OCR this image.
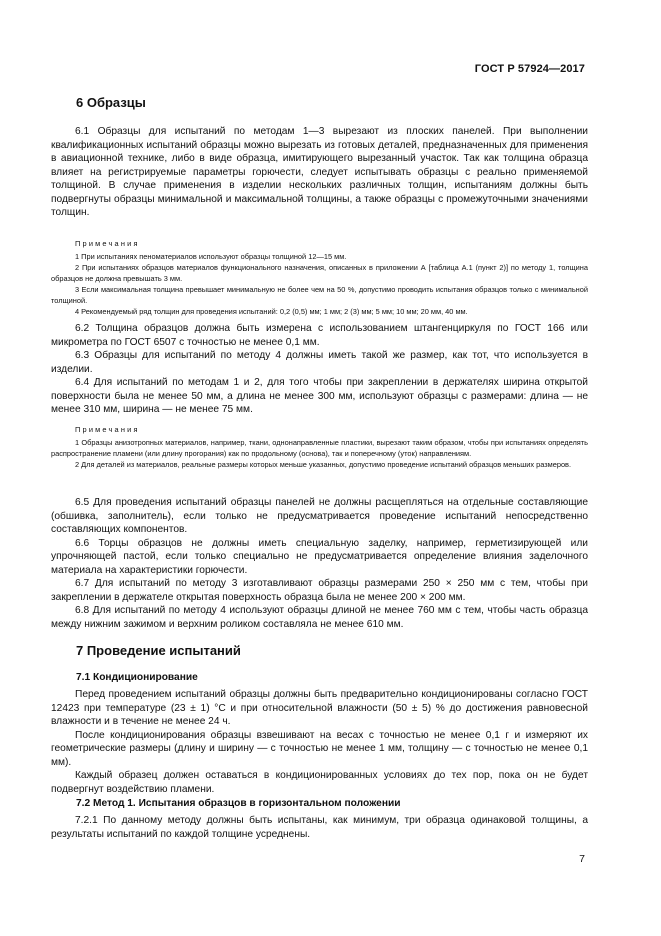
ГОСТ Р 57924—2017
6 Образцы

6.1 Образцы для испытаний по методам 1—3 вырезают из плоских панелей. При выполнении квалификационных испытаний образцы можно вырезать из готовых деталей, предназначенных для применения в авиационной технике, либо в виде образца, имитирующего вырезанный участок. Так как толщина образца влияет на регистрируемые параметры горючести, следует испытывать образцы с реально применяемой толщиной. В случае применения в изделии нескольких различных толщин, испытаниям должны быть подвергнуты образцы минимальной и максимальной толщины, а также образцы с промежуточными значениями толщин.

Примечания

1 При испытаниях пеноматериалов используют образцы толщиной 12—15 мм.

2 При испытаниях образцов материалов функционального назначения, описанных в приложении А [таблица А.1 (пункт 2)] по методу 1, толщина образцов не должна превышать 3 мм.

3 Если максимальная толщина превышает минимальную не более чем на 50 %, допустимо проводить испытания образцов только с минимальной толщиной.

4 Рекомендуемый ряд толщин для проведения испытаний: 0,2 (0,5) мм; 1 мм; 2 (3) мм; 5 мм; 10 мм; 20 мм, 40 мм.

6.2 Толщина образцов должна быть измерена с использованием штангенциркуля по ГОСТ 166 или микрометра по ГОСТ 6507 с точностью не менее 0,1 мм.

6.3 Образцы для испытаний по методу 4 должны иметь такой же размер, как тот, что используется в изделии.

6.4 Для испытаний по методам 1 и 2, для того чтобы при закреплении в держателях ширина открытой поверхности была не менее 50 мм, а длина не менее 300 мм, используют образцы с размерами: длина — не менее 310 мм, ширина — не менее 75 мм.

Примечания

1 Образцы анизотропных материалов, например, ткани, однонаправленные пластики, вырезают таким образом, чтобы при испытаниях определять распространение пламени (или длину прогорания) как по продольному (основа), так и поперечному (уток) направлениям.

2 Для деталей из материалов, реальные размеры которых меньше указанных, допустимо проведение испытаний образцов меньших размеров.

6.5 Для проведения испытаний образцы панелей не должны расщепляться на отдельные составляющие (обшивка, заполнитель), если только не предусматривается проведение испытаний непосредственно составляющих компонентов.

6.6 Торцы образцов не должны иметь специальную заделку, например, герметизирующей или упрочняющей пастой, если только специально не предусматривается определение влияния заделочного материала на характеристики горючести.

6.7 Для испытаний по методу 3 изготавливают образцы размерами 250 × 250 мм с тем, чтобы при закреплении в держателе открытая поверхность образца была не менее 200 × 200 мм.

6.8 Для испытаний по методу 4 используют образцы длиной не менее 760 мм с тем, чтобы часть образца между нижним зажимом и верхним роликом составляла не менее 610 мм.

7 Проведение испытаний
7.1 Кондиционирование

Перед проведением испытаний образцы должны быть предварительно кондиционированы согласно ГОСТ 12423 при температуре (23 ± 1) °C и при относительной влажности (50 ± 5) % до достижения равновесной влажности и в течение не менее 24 ч.

После кондиционирования образцы взвешивают на весах с точностью не менее 0,1 г и измеряют их геометрические размеры (длину и ширину — с точностью не менее 1 мм, толщину — с точностью не менее 0,1 мм).

Каждый образец должен оставаться в кондиционированных условиях до тех пор, пока он не будет подвергнут воздействию пламени.

7.2 Метод 1. Испытания образцов в горизонтальном положении

7.2.1 По данному методу должны быть испытаны, как минимум, три образца одинаковой толщины, а результаты испытаний по каждой толщине усреднены.

7
